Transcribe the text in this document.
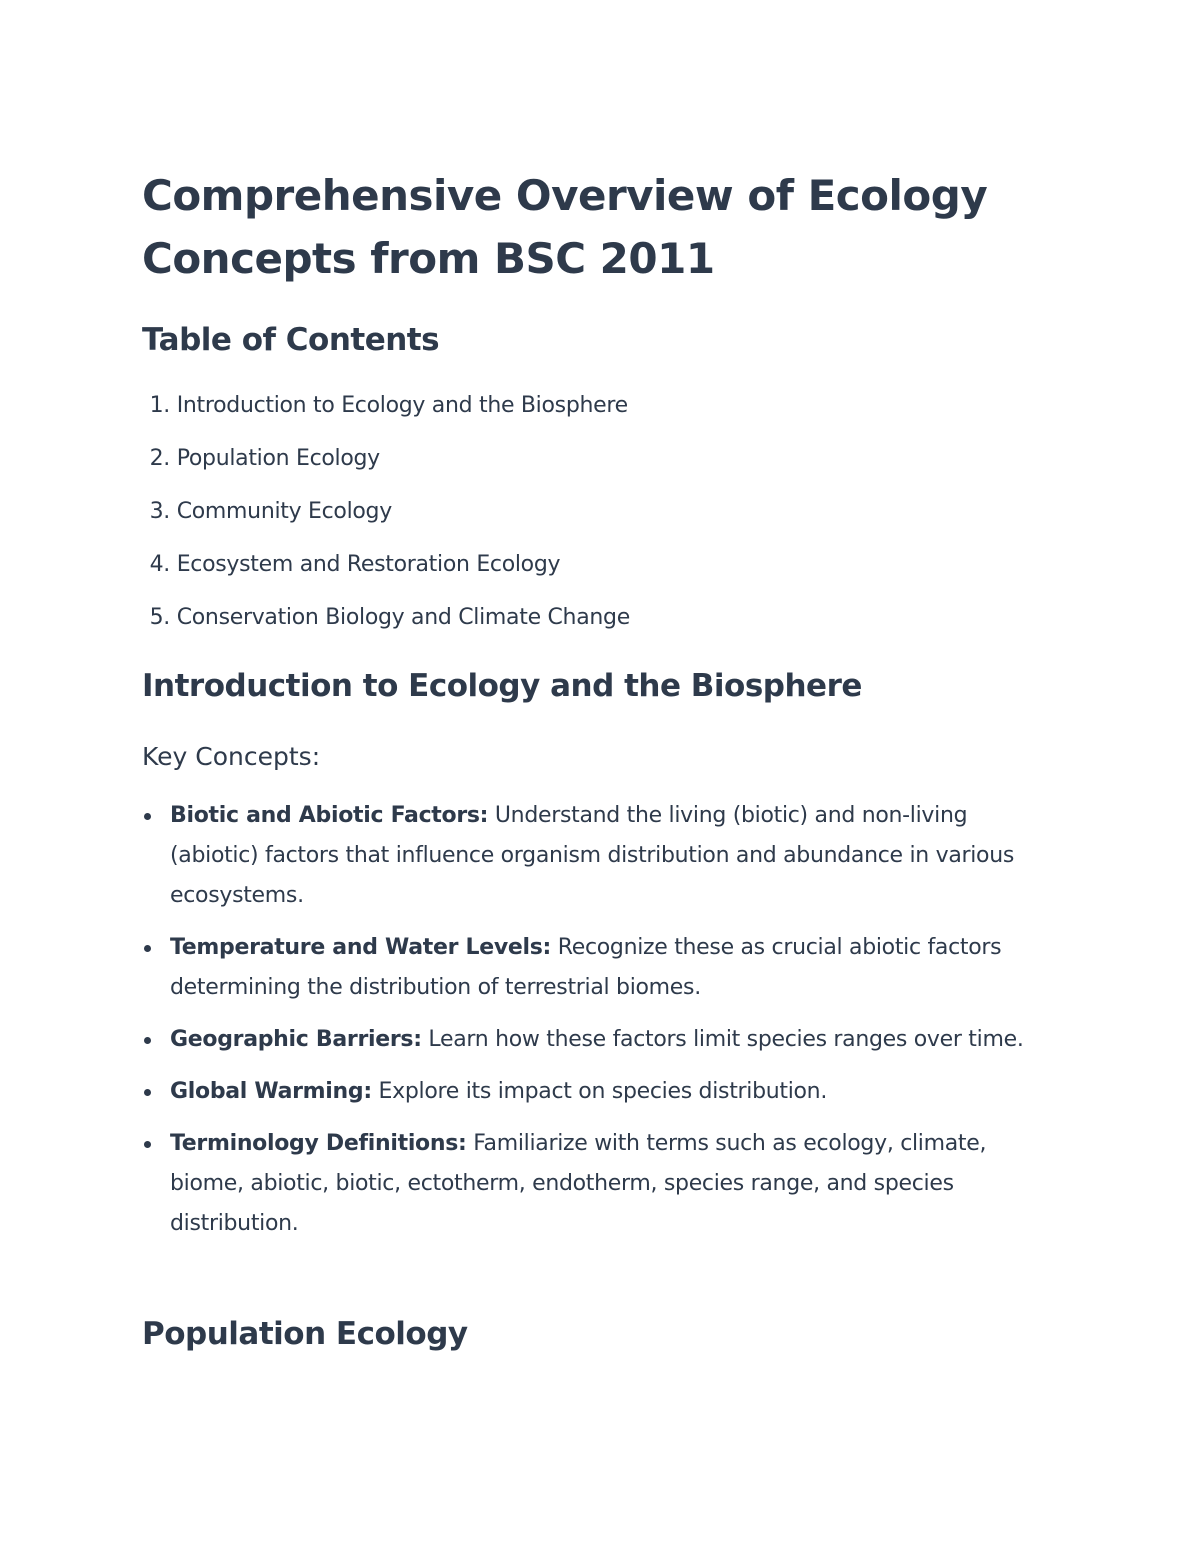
Comprehensive Overview of Ecology Concepts from BSC 2011
Table of Contents
1. Introduction to Ecology and the Biosphere
2. Population Ecology
3. Community Ecology
4. Ecosystem and Restoration Ecology
5. Conservation Biology and Climate Change
Introduction to Ecology and the Biosphere
Key Concepts:
Biotic and Abiotic Factors: Understand the living (biotic) and non-living (abiotic) factors that influence organism distribution and abundance in various ecosystems.
Temperature and Water Levels: Recognize these as crucial abiotic factors determining the distribution of terrestrial biomes.
Geographic Barriers: Learn how these factors limit species ranges over time.
Global Warming: Explore its impact on species distribution.
Terminology Definitions: Familiarize with terms such as ecology, climate, biome, abiotic, biotic, ectotherm, endotherm, species range, and species distribution.
Population Ecology
